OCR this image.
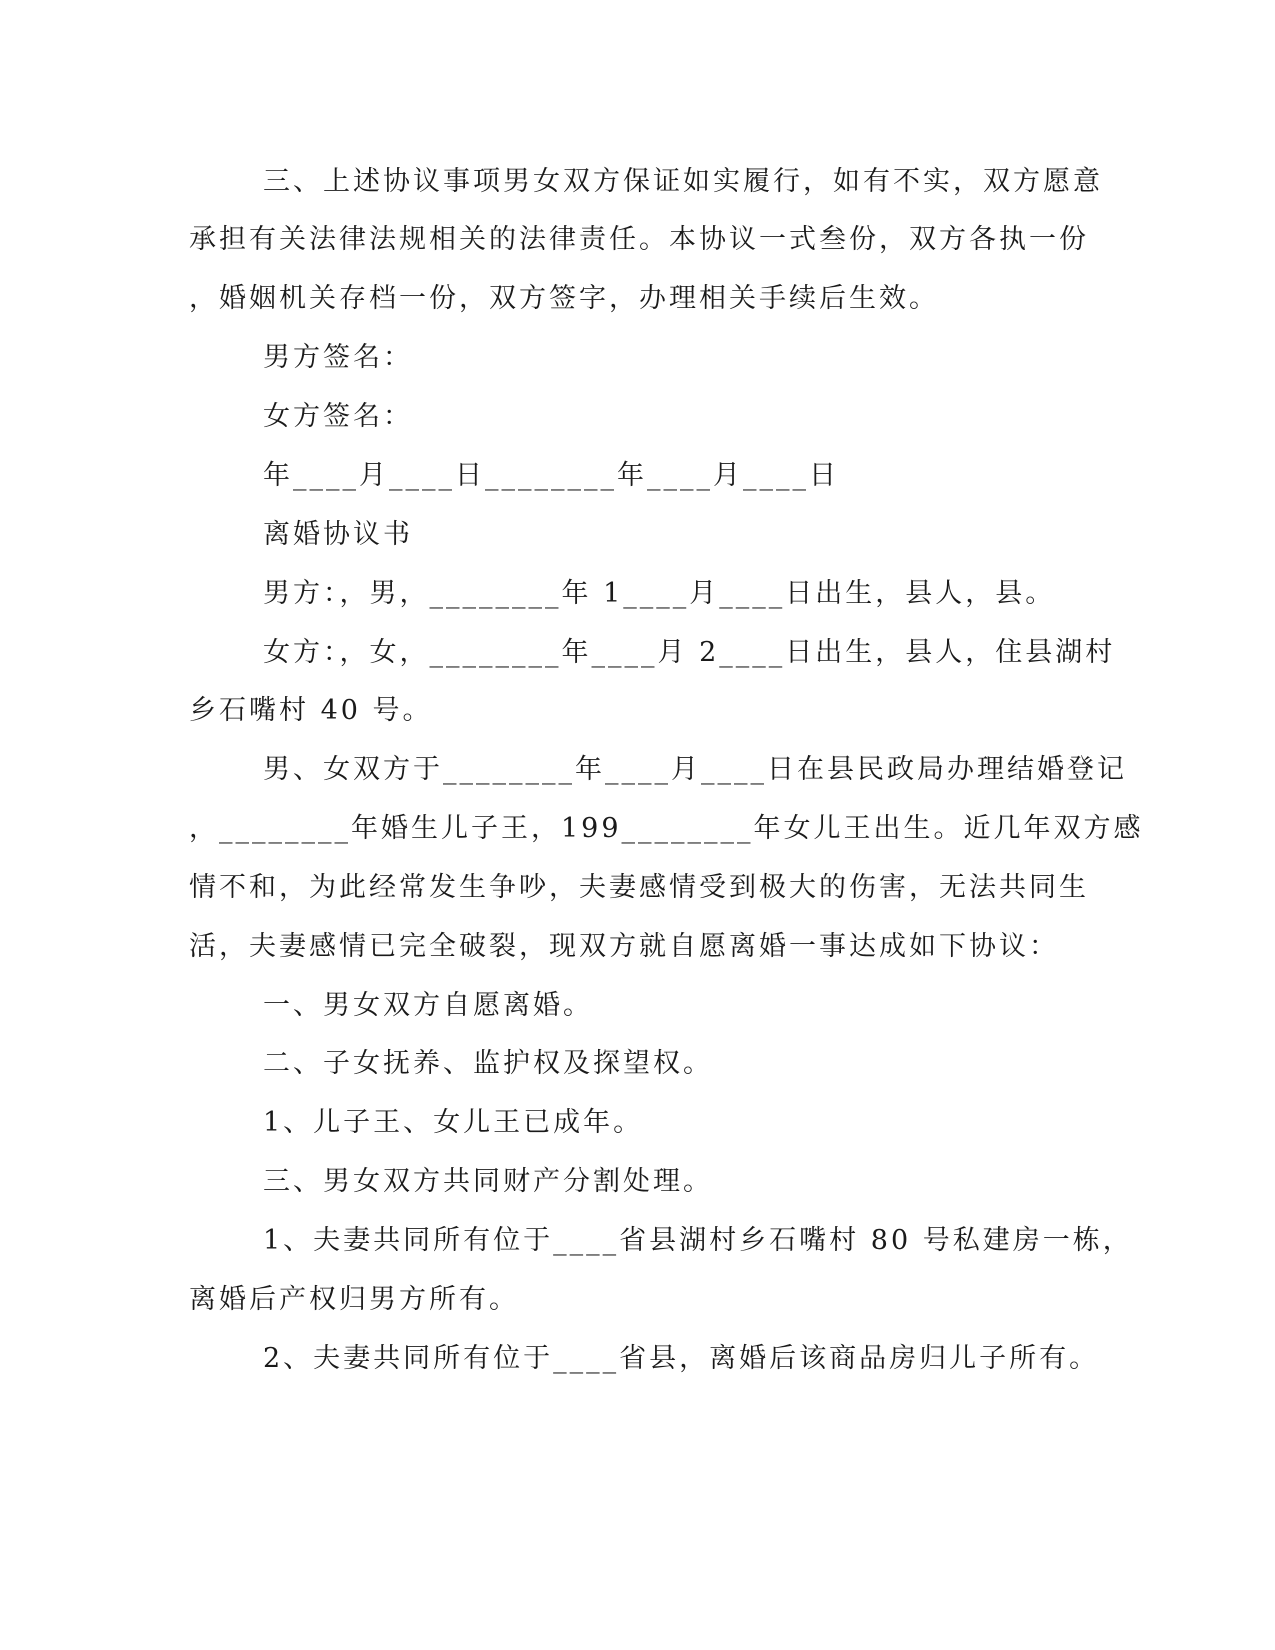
三、上述协议事项男女双方保证如实履行，如有不实，双方愿意
承担有关法律法规相关的法律责任。本协议一式叁份，双方各执一份
，婚姻机关存档一份，双方签字，办理相关手续后生效。
男方签名：
女方签名：
年____月____日________年____月____日
离婚协议书
男方：，男，________年 1____月____日出生，县人，县。
女方：，女，________年____月 2____日出生，县人，住县湖村
乡石嘴村 40 号。
男、女双方于________年____月____日在县民政局办理结婚登记
，________年婚生儿子王，199________年女儿王出生。近几年双方感
情不和，为此经常发生争吵，夫妻感情受到极大的伤害，无法共同生
活，夫妻感情已完全破裂，现双方就自愿离婚一事达成如下协议：
一、男女双方自愿离婚。
二、子女抚养、监护权及探望权。
1、儿子王、女儿王已成年。
三、男女双方共同财产分割处理。
1、夫妻共同所有位于____省县湖村乡石嘴村 80 号私建房一栋，
离婚后产权归男方所有。
2、夫妻共同所有位于____省县，离婚后该商品房归儿子所有。
